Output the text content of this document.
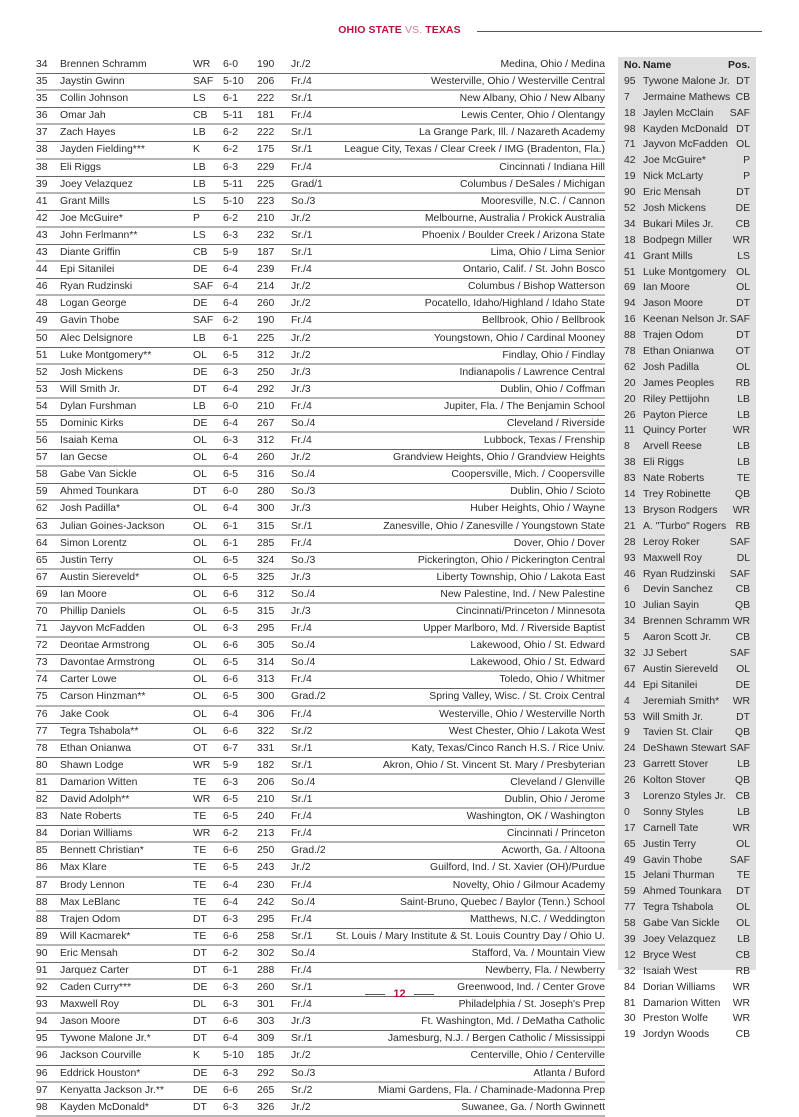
OHIO STATE VS. TEXAS
34 Brennen Schramm	WR 6-0 190 Jr./2	Medina, Ohio / Medina
35 Jaystin Gwinn	SAF 5-10 206 Fr./4	Westerville, Ohio / Westerville Central
35 Collin Johnson	LS 6-1 222 Sr./1	New Albany, Ohio / New Albany
36 Omar Jah	CB 5-11 181 Fr./4	Lewis Center, Ohio / Olentangy
37 Zach Hayes	LB 6-2 222 Sr./1	La Grange Park, Ill. / Nazareth Academy
38 Jayden Fielding***	K 6-2 175 Sr./1	League City, Texas / Clear Creek / IMG (Bradenton, Fla.)
38 Eli Riggs	LB 6-3 229 Fr./4	Cincinnati / Indiana Hill
39 Joey Velazquez	LB 5-11 225 Grad/1	Columbus / DeSales / Michigan
41 Grant Mills	LS 5-10 223 So./3	Mooresville, N.C. / Cannon
42 Joe McGuire*	P 6-2 210 Jr./2	Melbourne, Australia / Prokick Australia
43 John Ferlmann**	LS 6-3 232 Sr./1	Phoenix / Boulder Creek / Arizona State
43 Diante Griffin	CB 5-9 187 Sr./1	Lima, Ohio / Lima Senior
44 Epi Sitanilei	DE 6-4 239 Fr./4	Ontario, Calif. / St. John Bosco
46 Ryan Rudzinski	SAF 6-4 214 Jr./2	Columbus / Bishop Watterson
48 Logan George	DE 6-4 260 Jr./2	Pocatello, Idaho/Highland / Idaho State
49 Gavin Thobe	SAF 6-2 190 Fr./4	Bellbrook, Ohio / Bellbrook
50 Alec Delsignore	LB 6-1 225 Jr./2	Youngstown, Ohio / Cardinal Mooney
51 Luke Montgomery**	OL 6-5 312 Jr./2	Findlay, Ohio / Findlay
52 Josh Mickens	DE 6-3 250 Jr./3	Indianapolis / Lawrence Central
53 Will Smith Jr.	DT 6-4 292 Jr./3	Dublin, Ohio / Coffman
54 Dylan Furshman	LB 6-0 210 Fr./4	Jupiter, Fla. / The Benjamin School
55 Dominic Kirks	DE 6-4 267 So./4	Cleveland / Riverside
56 Isaiah Kema	OL 6-3 312 Fr./4	Lubbock, Texas / Frenship
57 Ian Gecse	OL 6-4 260 Jr./2	Grandview Heights, Ohio / Grandview Heights
58 Gabe Van Sickle	OL 6-5 316 So./4	Coopersville, Mich. / Coopersville
59 Ahmed Tounkara	DT 6-0 280 So./3	Dublin, Ohio / Scioto
62 Josh Padilla*	OL 6-4 300 Jr./3	Huber Heights, Ohio / Wayne
63 Julian Goines-Jackson	OL 6-1 315 Sr./1	Zanesville, Ohio / Zanesville / Youngstown State
64 Simon Lorentz	OL 6-1 285 Fr./4	Dover, Ohio / Dover
65 Justin Terry	OL 6-5 324 So./3	Pickerington, Ohio / Pickerington Central
67 Austin Siereveld*	OL 6-5 325 Jr./3	Liberty Township, Ohio / Lakota East
69 Ian Moore	OL 6-6 312 So./4	New Palestine, Ind. / New Palestine
70 Phillip Daniels	OL 6-5 315 Jr./3	Cincinnati/Princeton / Minnesota
71 Jayvon McFadden	OL 6-3 295 Fr./4	Upper Marlboro, Md. / Riverside Baptist
72 Deontae Armstrong	OL 6-6 305 So./4	Lakewood, Ohio / St. Edward
73 Davontae Armstrong	OL 6-5 314 So./4	Lakewood, Ohio / St. Edward
74 Carter Lowe	OL 6-6 313 Fr./4	Toledo, Ohio / Whitmer
75 Carson Hinzman**	OL 6-5 300 Grad./2	Spring Valley, Wisc. / St. Croix Central
76 Jake Cook	OL 6-4 306 Fr./4	Westerville, Ohio / Westerville North
77 Tegra Tshabola**	OL 6-6 322 Sr./2	West Chester, Ohio / Lakota West
78 Ethan Onianwa	OT 6-7 331 Sr./1	Katy, Texas/Cinco Ranch H.S. / Rice Univ.
80 Shawn Lodge	WR 5-9 182 Sr./1	Akron, Ohio / St. Vincent St. Mary / Presbyterian
81 Damarion Witten	TE 6-3 206 So./4	Cleveland / Glenville
82 David Adolph**	WR 6-5 210 Sr./1	Dublin, Ohio / Jerome
83 Nate Roberts	TE 6-5 240 Fr./4	Washington, OK / Washington
84 Dorian Williams	WR 6-2 213 Fr./4	Cincinnati / Princeton
85 Bennett Christian*	TE 6-6 250 Grad./2	Acworth, Ga. / Altoona
86 Max Klare	TE 6-5 243 Jr./2	Guilford, Ind. / St. Xavier (OH)/Purdue
87 Brody Lennon	TE 6-4 230 Fr./4	Novelty, Ohio / Gilmour Academy
88 Max LeBlanc	TE 6-4 242 So./4	Saint-Bruno, Quebec / Baylor (Tenn.) School
88 Trajen Odom	DT 6-3 295 Fr./4	Matthews, N.C. / Weddington
89 Will Kacmarek*	TE 6-6 258 Sr./1 St. Louis / Mary Institute & St. Louis Country Day / Ohio U.
90 Eric Mensah	DT 6-2 302 So./4	Stafford, Va. / Mountain View
91 Jarquez Carter	DT 6-1 288 Fr./4	Newberry, Fla. / Newberry
92 Caden Curry***	DE 6-3 260 Sr./1	Greenwood, Ind. / Center Grove
93 Maxwell Roy	DL 6-3 301 Fr./4	Philadelphia / St. Joseph's Prep
94 Jason Moore	DT 6-6 303 Jr./3	Ft. Washington, Md. / DeMatha Catholic
95 Tywone Malone Jr.*	DT 6-4 309 Sr./1	Jamesburg, N.J. / Bergen Catholic / Mississippi
96 Jackson Courville	K 5-10 185 Jr./2	Centerville, Ohio / Centerville
96 Eddrick Houston*	DE 6-3 292 So./3	Atlanta / Buford
97 Kenyatta Jackson Jr.**	DE 6-6 265 Sr./2	Miami Gardens, Fla. / Chaminade-Madonna Prep
98 Kayden McDonald*	DT 6-3 326 Jr./2	Suwanee, Ga. / North Gwinnett
No. Name	Pos.
95 Tywone Malone Jr. DT
7 Jermaine Mathews CB
18 Jaylen McClain SAF
98 Kayden McDonald DT
71 Jayvon McFadden OL
42 Joe McGuire*	P
19 Nick McLarty	P
90 Eric Mensah	DT
52 Josh Mickens	DE
34 Bukari Miles Jr. CB
18 Bodpegn Miller WR
41 Grant Mills	LS
51 Luke Montgomery OL
69 Ian Moore	OL
94 Jason Moore	DT
16 Keenan Nelson Jr. SAF
88 Trajen Odom	DT
78 Ethan Onianwa OT
62 Josh Padilla	OL
20 James Peoples RB
20 Riley Pettijohn	LB
26 Payton Pierce	LB
11 Quincy Porter	WR
8 Arvell Reese	LB
38 Eli Riggs	LB
83 Nate Roberts	TE
14 Trey Robinette QB
13 Bryson Rodgers WR
21 A. "Turbo" Rogers RB
28 Leroy Roker	SAF
93 Maxwell Roy	DL
46 Ryan Rudzinski SAF
6 Devin Sanchez CB
10 Julian Sayin	QB
34 Brennen Schramm WR
5 Aaron Scott Jr. CB
32 JJ Sebert	SAF
67 Austin Siereveld OL
44 Epi Sitanilei	DE
4 Jeremiah Smith* WR
53 Will Smith Jr.	DT
9 Tavien St. Clair QB
24 DeShawn Stewart SAF
23 Garrett Stover	LB
26 Kolton Stover	QB
3 Lorenzo Styles Jr. CB
0 Sonny Styles	LB
17 Carnell Tate	WR
65 Justin Terry	OL
49 Gavin Thobe	SAF
15 Jelani Thurman TE
59 Ahmed Tounkara DT
77 Tegra Tshabola OL
58 Gabe Van Sickle OL
39 Joey Velazquez LB
12 Bryce West	CB
32 Isaiah West	RB
84 Dorian Williams WR
81 Damarion Witten WR
30 Preston Wolfe WR
19 Jordyn Woods	CB
12
